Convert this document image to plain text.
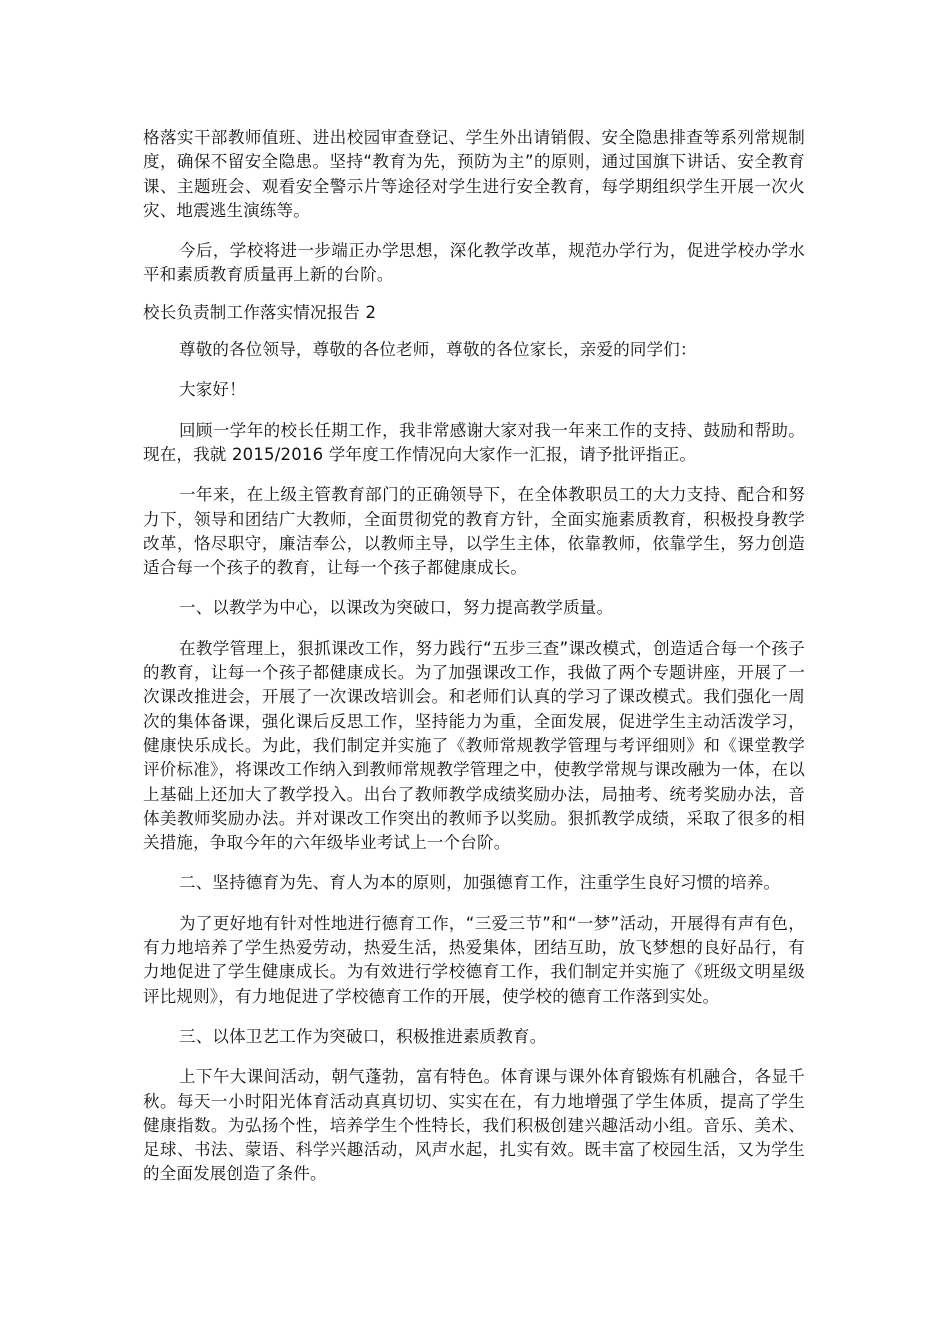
格落实干部教师值班、进出校园审查登记、学生外出请销假、安全隐患排查等系列常规制度，确保不留安全隐患。坚持“教育为先，预防为主”的原则，通过国旗下讲话、安全教育课、主题班会、观看安全警示片等途径对学生进行安全教育，每学期组织学生开展一次火灾、地震逃生演练等。

今后，学校将进一步端正办学思想，深化教学改革，规范办学行为，促进学校办学水平和素质教育质量再上新的台阶。

校长负责制工作落实情况报告 2

尊敬的各位领导，尊敬的各位老师，尊敬的各位家长，亲爱的同学们：

大家好！

回顾一学年的校长任期工作，我非常感谢大家对我一年来工作的支持、鼓励和帮助。现在，我就 2015/2016 学年度工作情况向大家作一汇报，请予批评指正。

一年来，在上级主管教育部门的正确领导下，在全体教职员工的大力支持、配合和努力下，领导和团结广大教师，全面贯彻党的教育方针，全面实施素质教育，积极投身教学改革，恪尽职守，廉洁奉公，以教师主导，以学生主体，依靠教师，依靠学生，努力创造适合每一个孩子的教育，让每一个孩子都健康成长。

一、以教学为中心，以课改为突破口，努力提高教学质量。

在教学管理上，狠抓课改工作，努力践行“五步三查”课改模式，创造适合每一个孩子的教育，让每一个孩子都健康成长。为了加强课改工作，我做了两个专题讲座，开展了一次课改推进会，开展了一次课改培训会。和老师们认真的学习了课改模式。我们强化一周次的集体备课，强化课后反思工作，坚持能力为重，全面发展，促进学生主动活泼学习，健康快乐成长。为此，我们制定并实施了《教师常规教学管理与考评细则》和《课堂教学评价标准》，将课改工作纳入到教师常规教学管理之中，使教学常规与课改融为一体，在以上基础上还加大了教学投入。出台了教师教学成绩奖励办法，局抽考、统考奖励办法，音体美教师奖励办法。并对课改工作突出的教师予以奖励。狠抓教学成绩，采取了很多的相关措施，争取今年的六年级毕业考试上一个台阶。

二、坚持德育为先、育人为本的原则，加强德育工作，注重学生良好习惯的培养。

为了更好地有针对性地进行德育工作，“三爱三节”和“一梦”活动，开展得有声有色，有力地培养了学生热爱劳动，热爱生活，热爱集体，团结互助，放飞梦想的良好品行，有力地促进了学生健康成长。为有效进行学校德育工作，我们制定并实施了《班级文明星级评比规则》，有力地促进了学校德育工作的开展，使学校的德育工作落到实处。

三、以体卫艺工作为突破口，积极推进素质教育。

上下午大课间活动，朝气蓬勃，富有特色。体育课与课外体育锻炼有机融合，各显千秋。每天一小时阳光体育活动真真切切、实实在在，有力地增强了学生体质，提高了学生健康指数。为弘扬个性，培养学生个性特长，我们积极创建兴趣活动小组。音乐、美术、足球、书法、蒙语、科学兴趣活动，风声水起，扎实有效。既丰富了校园生活，又为学生的全面发展创造了条件。
